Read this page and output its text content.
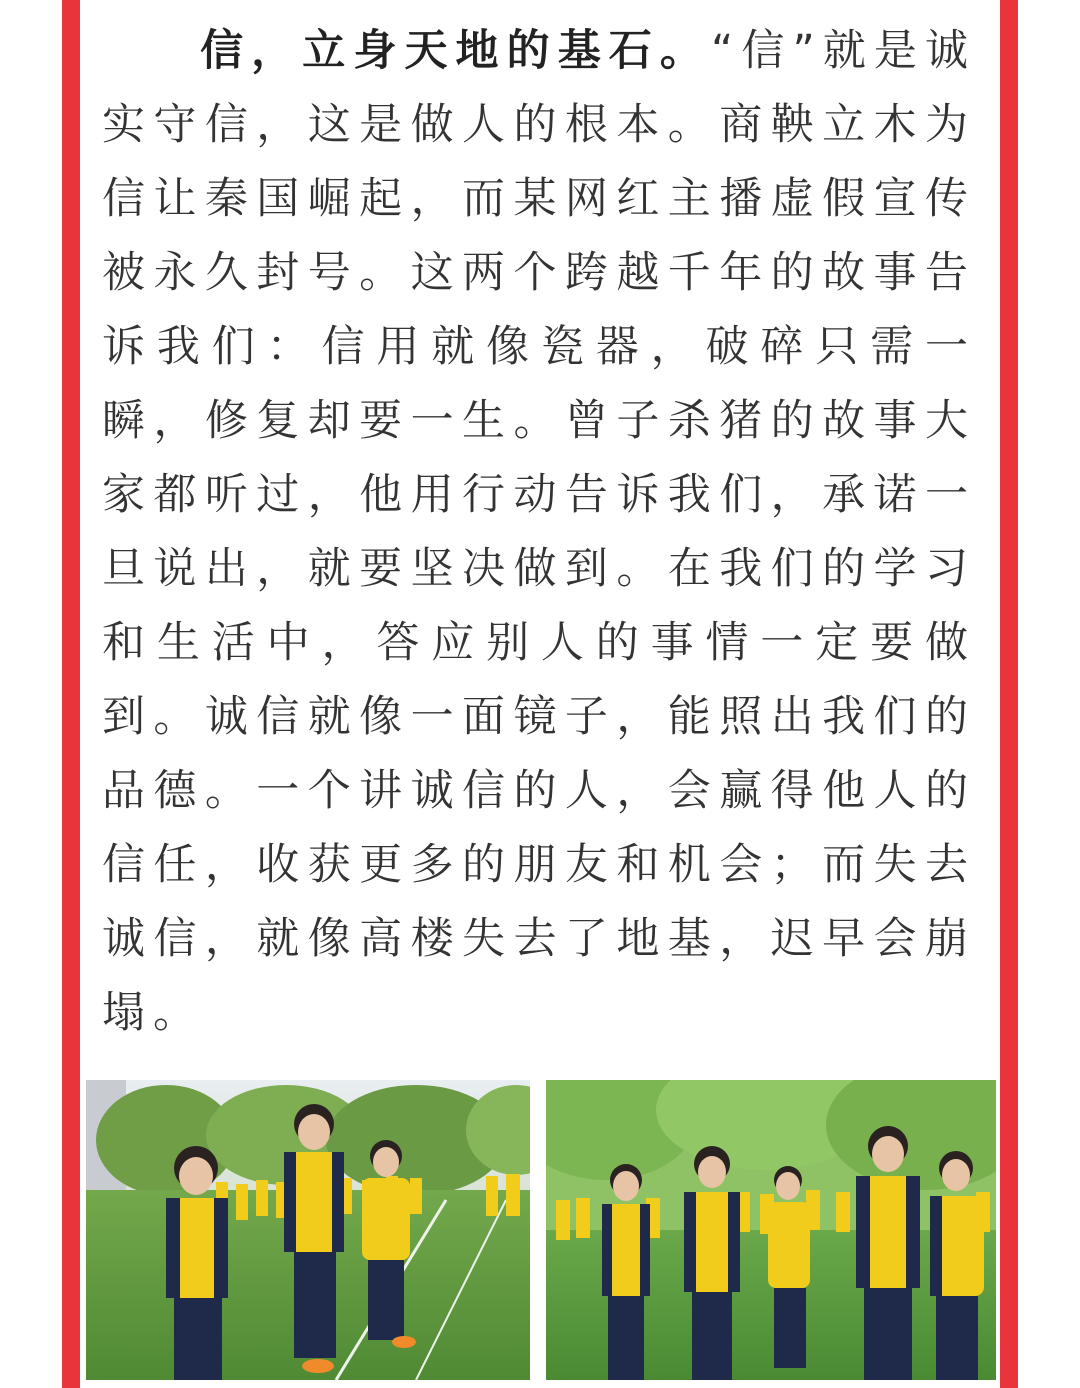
信，立身天地的基石。“信”就是诚实守信，这是做人的根本。商鞅立木为信让秦国崛起，而某网红主播虚假宣传被永久封号。这两个跨越千年的故事告诉我们：信用就像瓷器，破碎只需一瞬，修复却要一生。曾子杀猪的故事大家都听过，他用行动告诉我们，承诺一旦说出，就要坚决做到。在我们的学习和生活中，答应别人的事情一定要做到。诚信就像一面镜子，能照出我们的品德。一个讲诚信的人，会赢得他人的信任，收获更多的朋友和机会；而失去诚信，就像高楼失去了地基，迟早会崩塌。
